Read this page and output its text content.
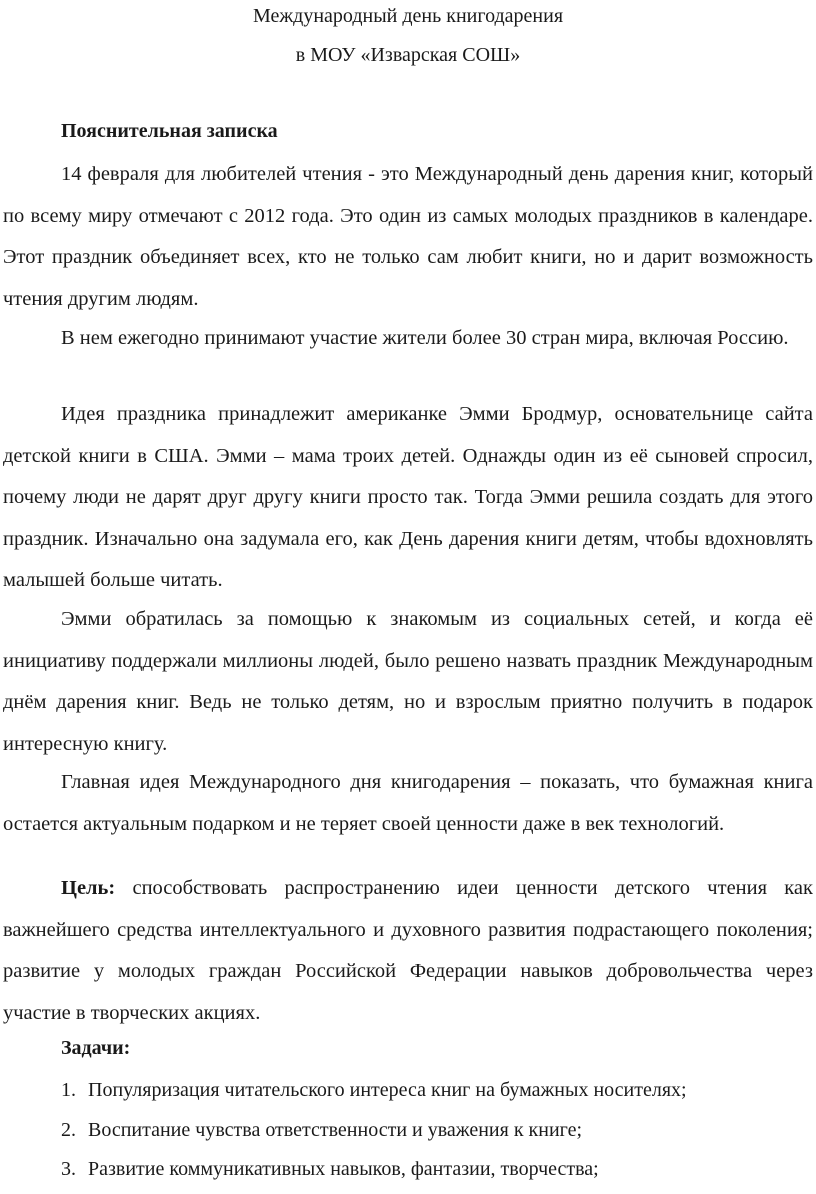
Международный день книгодарения
в МОУ «Изварская СОШ»
Пояснительная записка

14 февраля для любителей чтения - это Международный день дарения книг, который по всему миру отмечают с 2012 года. Это один из самых молодых праздников в календаре. Этот праздник объединяет всех, кто не только сам любит книги, но и дарит возможность чтения другим людям.

В нем ежегодно принимают участие жители более 30 стран мира, включая Россию.

Идея праздника принадлежит американке Эмми Бродмур, основательнице сайта детской книги в США. Эмми – мама троих детей. Однажды один из её сыновей спросил, почему люди не дарят друг другу книги просто так. Тогда Эмми решила создать для этого праздник. Изначально она задумала его, как День дарения книги детям, чтобы вдохновлять малышей больше читать.

Эмми обратилась за помощью к знакомым из социальных сетей, и когда её инициативу поддержали миллионы людей, было решено назвать праздник Международным днём дарения книг. Ведь не только детям, но и взрослым приятно получить в подарок интересную книгу.

Главная идея Международного дня книгодарения – показать, что бумажная книга остается актуальным подарком и не теряет своей ценности даже в век технологий.

Цель: способствовать распространению идеи ценности детского чтения как важнейшего средства интеллектуального и духовного развития подрастающего поколения; развитие у молодых граждан Российской Федерации навыков добровольчества через участие в творческих акциях.

Задачи:
1. Популяризация читательского интереса книг на бумажных носителях;
2. Воспитание чувства ответственности и уважения к книге;
3. Развитие коммуникативных навыков, фантазии, творчества;
